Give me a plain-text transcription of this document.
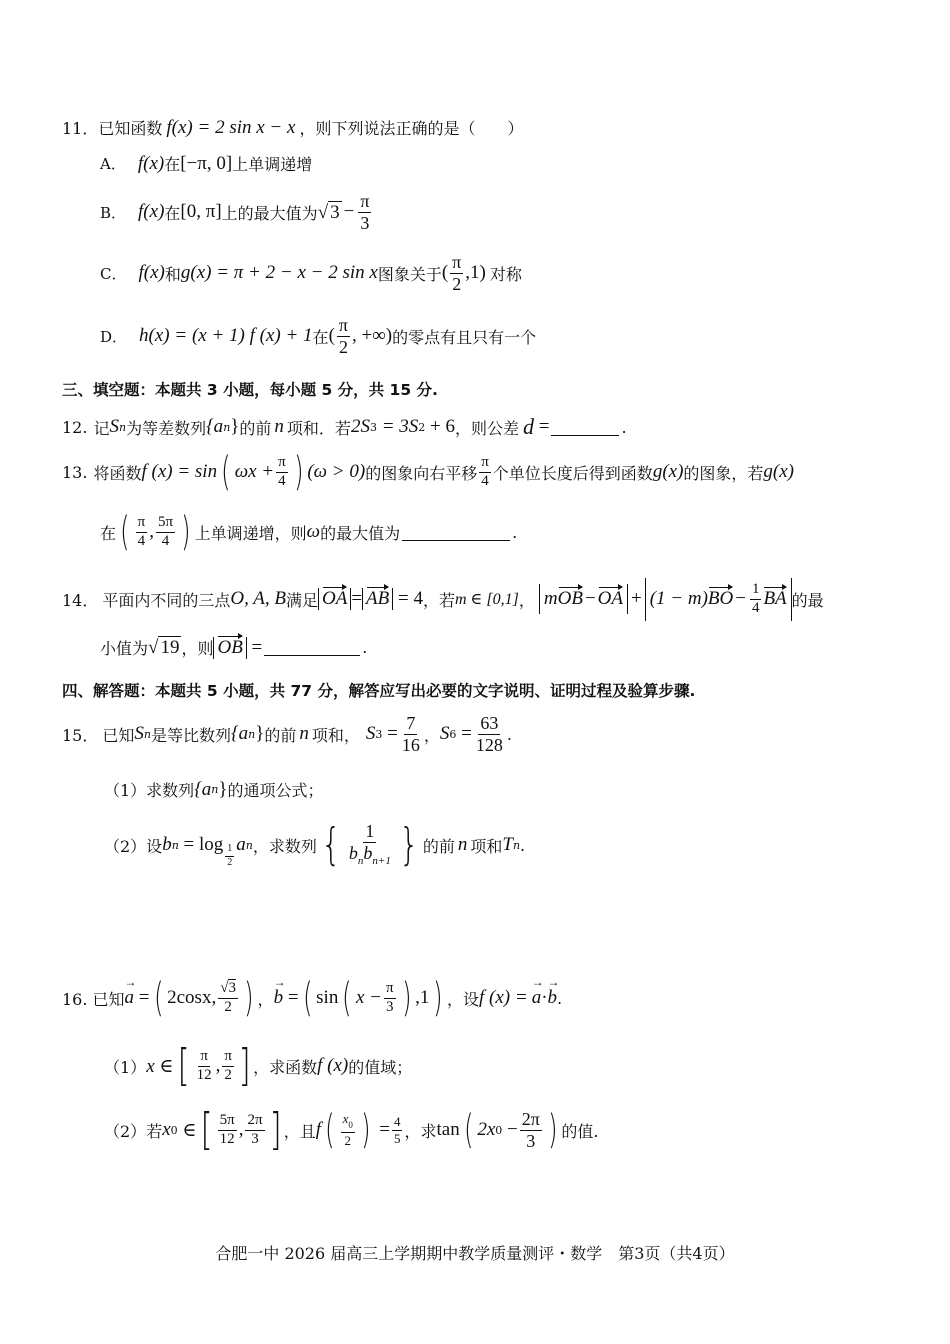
11． 已知函数 f(x) = 2 sin x − x ，则下列说法正确的是（　　）
A． f(x) 在 [−π, 0] 上单调递增
B． f(x) 在 [0, π] 上的最大值为 √ $3 - \frac{\pi}{3}$
C． f(x) 和 g(x) = π + 2 − x − 2 sin x 图象关于 ( $\frac{\pi}{2} ,1$) 对称
D． h(x) = (x + 1) f (x) + 1 在 ( $\frac{\pi}{2}$ , +∞) 的零点有且只有一个
三、填空题：本题共 3 小题，每小题 5 分，共 15 分.
12. 记 S n 为等差数列 {a n } 的前 n 项和．若 2S 3 = 3S 2 + 6 ，则公差 d =	.
13. 将函数 f (x) = sin ( $\omega x + \frac{\pi}{4}$ ) (ω > 0) 的图象向右平移 $\frac{\pi}{4}$ 个单位长度后得到函数 g(x) 的图象，若 g(x)
在 ( $\frac{\pi}{4}$ , $\frac{5\pi}{4}$ ) 上单调递增，则 ω 的最大值为	.
14． 平面内不同的三点 O, A, B 满足 OA = AB = 4 ，若 m ∈ [0,1] ， m OB − OA + (1 − m) BO − $\frac{1}{4}$ BA 的最
小值为 √ 19 ，则 OB =	.
四、解答题：本题共 5 小题，共 77 分，解答应写出必要的文字说明、证明过程及验算步骤.
15． 已知 S n 是等比数列 {a n } 的前 n 项和， S $3 = \frac{7}{16}$ ， S $6 = \frac{63}{128}$ .
（1）求数列 {a n } 的通项公式；
（2）设 b $n = \log \frac{1}{2}$ a n ，求数列 { $\frac{1}{b_nb_{n+1}}$ } 的前 n 项和 T n .
16. 已知
→
a = ( 2cosx, $\frac{√3}{2}$ ) ，
→
b = ( sin ( $x - \frac{\pi}{3}$ ) ,1 ) ，设 f (x) =
→
a ·
→
b .
（1） x ∈ [ $\frac{\pi}{12}$ , $\frac{\pi}{2}$ ] ，求函数 f (x) 的值域；
（2）若 x 0 ∈ [ $\frac{5\pi}{12}$ , $\frac{2\pi}{3}$ ] ，且 f ( $\frac{x_0}{2}$ ) = $\frac{4}{5}$ ，求 tan ( 2x $0 - \frac{2\pi}{3}$ ) 的值.
合肥一中 2026 届高三上学期期中教学质量测评・数学　第3页（共4页）
